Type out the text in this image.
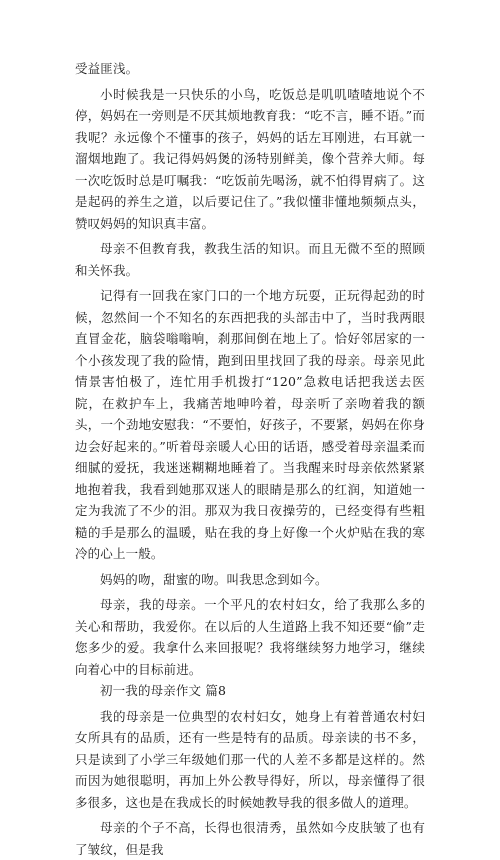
受益匪浅。

小时候我是一只快乐的小鸟，吃饭总是叽叽喳喳地说个不停，妈妈在一旁则是不厌其烦地教育我：“吃不言，睡不语。”而我呢？永远像个不懂事的孩子，妈妈的话左耳刚进，右耳就一溜烟地跑了。我记得妈妈煲的汤特别鲜美，像个营养大师。每一次吃饭时总是叮嘱我：“吃饭前先喝汤，就不怕得胃病了。这是起码的养生之道，以后要记住了。”我似懂非懂地频频点头，赞叹妈妈的知识真丰富。

母亲不但教育我，教我生活的知识。而且无微不至的照顾和关怀我。

记得有一回我在家门口的一个地方玩耍，正玩得起劲的时候，忽然间一个不知名的东西把我的头部击中了，当时我两眼直冒金花，脑袋嗡嗡响，刹那间倒在地上了。恰好邻居家的一个小孩发现了我的险情，跑到田里找回了我的母亲。母亲见此情景害怕极了，连忙用手机拨打“120”急救电话把我送去医院，在救护车上，我痛苦地呻吟着，母亲听了亲吻着我的额头，一个劲地安慰我：“不要怕，好孩子，不要紧，妈妈在你身边会好起来的。”听着母亲暖人心田的话语，感受着母亲温柔而细腻的爱抚，我迷迷糊糊地睡着了。当我醒来时母亲依然紧紧地抱着我，我看到她那双迷人的眼睛是那么的红润，知道她一定为我流了不少的泪。那双为我日夜操劳的，已经变得有些粗糙的手是那么的温暖，贴在我的身上好像一个火炉贴在我的寒冷的心上一般。

妈妈的吻，甜蜜的吻。叫我思念到如今。

母亲，我的母亲。一个平凡的农村妇女，给了我那么多的关心和帮助，我爱你。在以后的人生道路上我不知还要“偷”走您多少的爱。我拿什么来回报呢？我将继续努力地学习，继续向着心中的目标前进。

初一我的母亲作文 篇8

我的母亲是一位典型的农村妇女，她身上有着普通农村妇女所具有的品质，还有一些是特有的品质。母亲读的书不多，只是读到了小学三年级她们那一代的人差不多都是这样的。然而因为她很聪明，再加上外公教导得好，所以，母亲懂得了很多很多，这也是在我成长的时候她教导我的很多做人的道理。

母亲的个子不高，长得也很清秀，虽然如今皮肤皱了也有了皱纹，但是我
